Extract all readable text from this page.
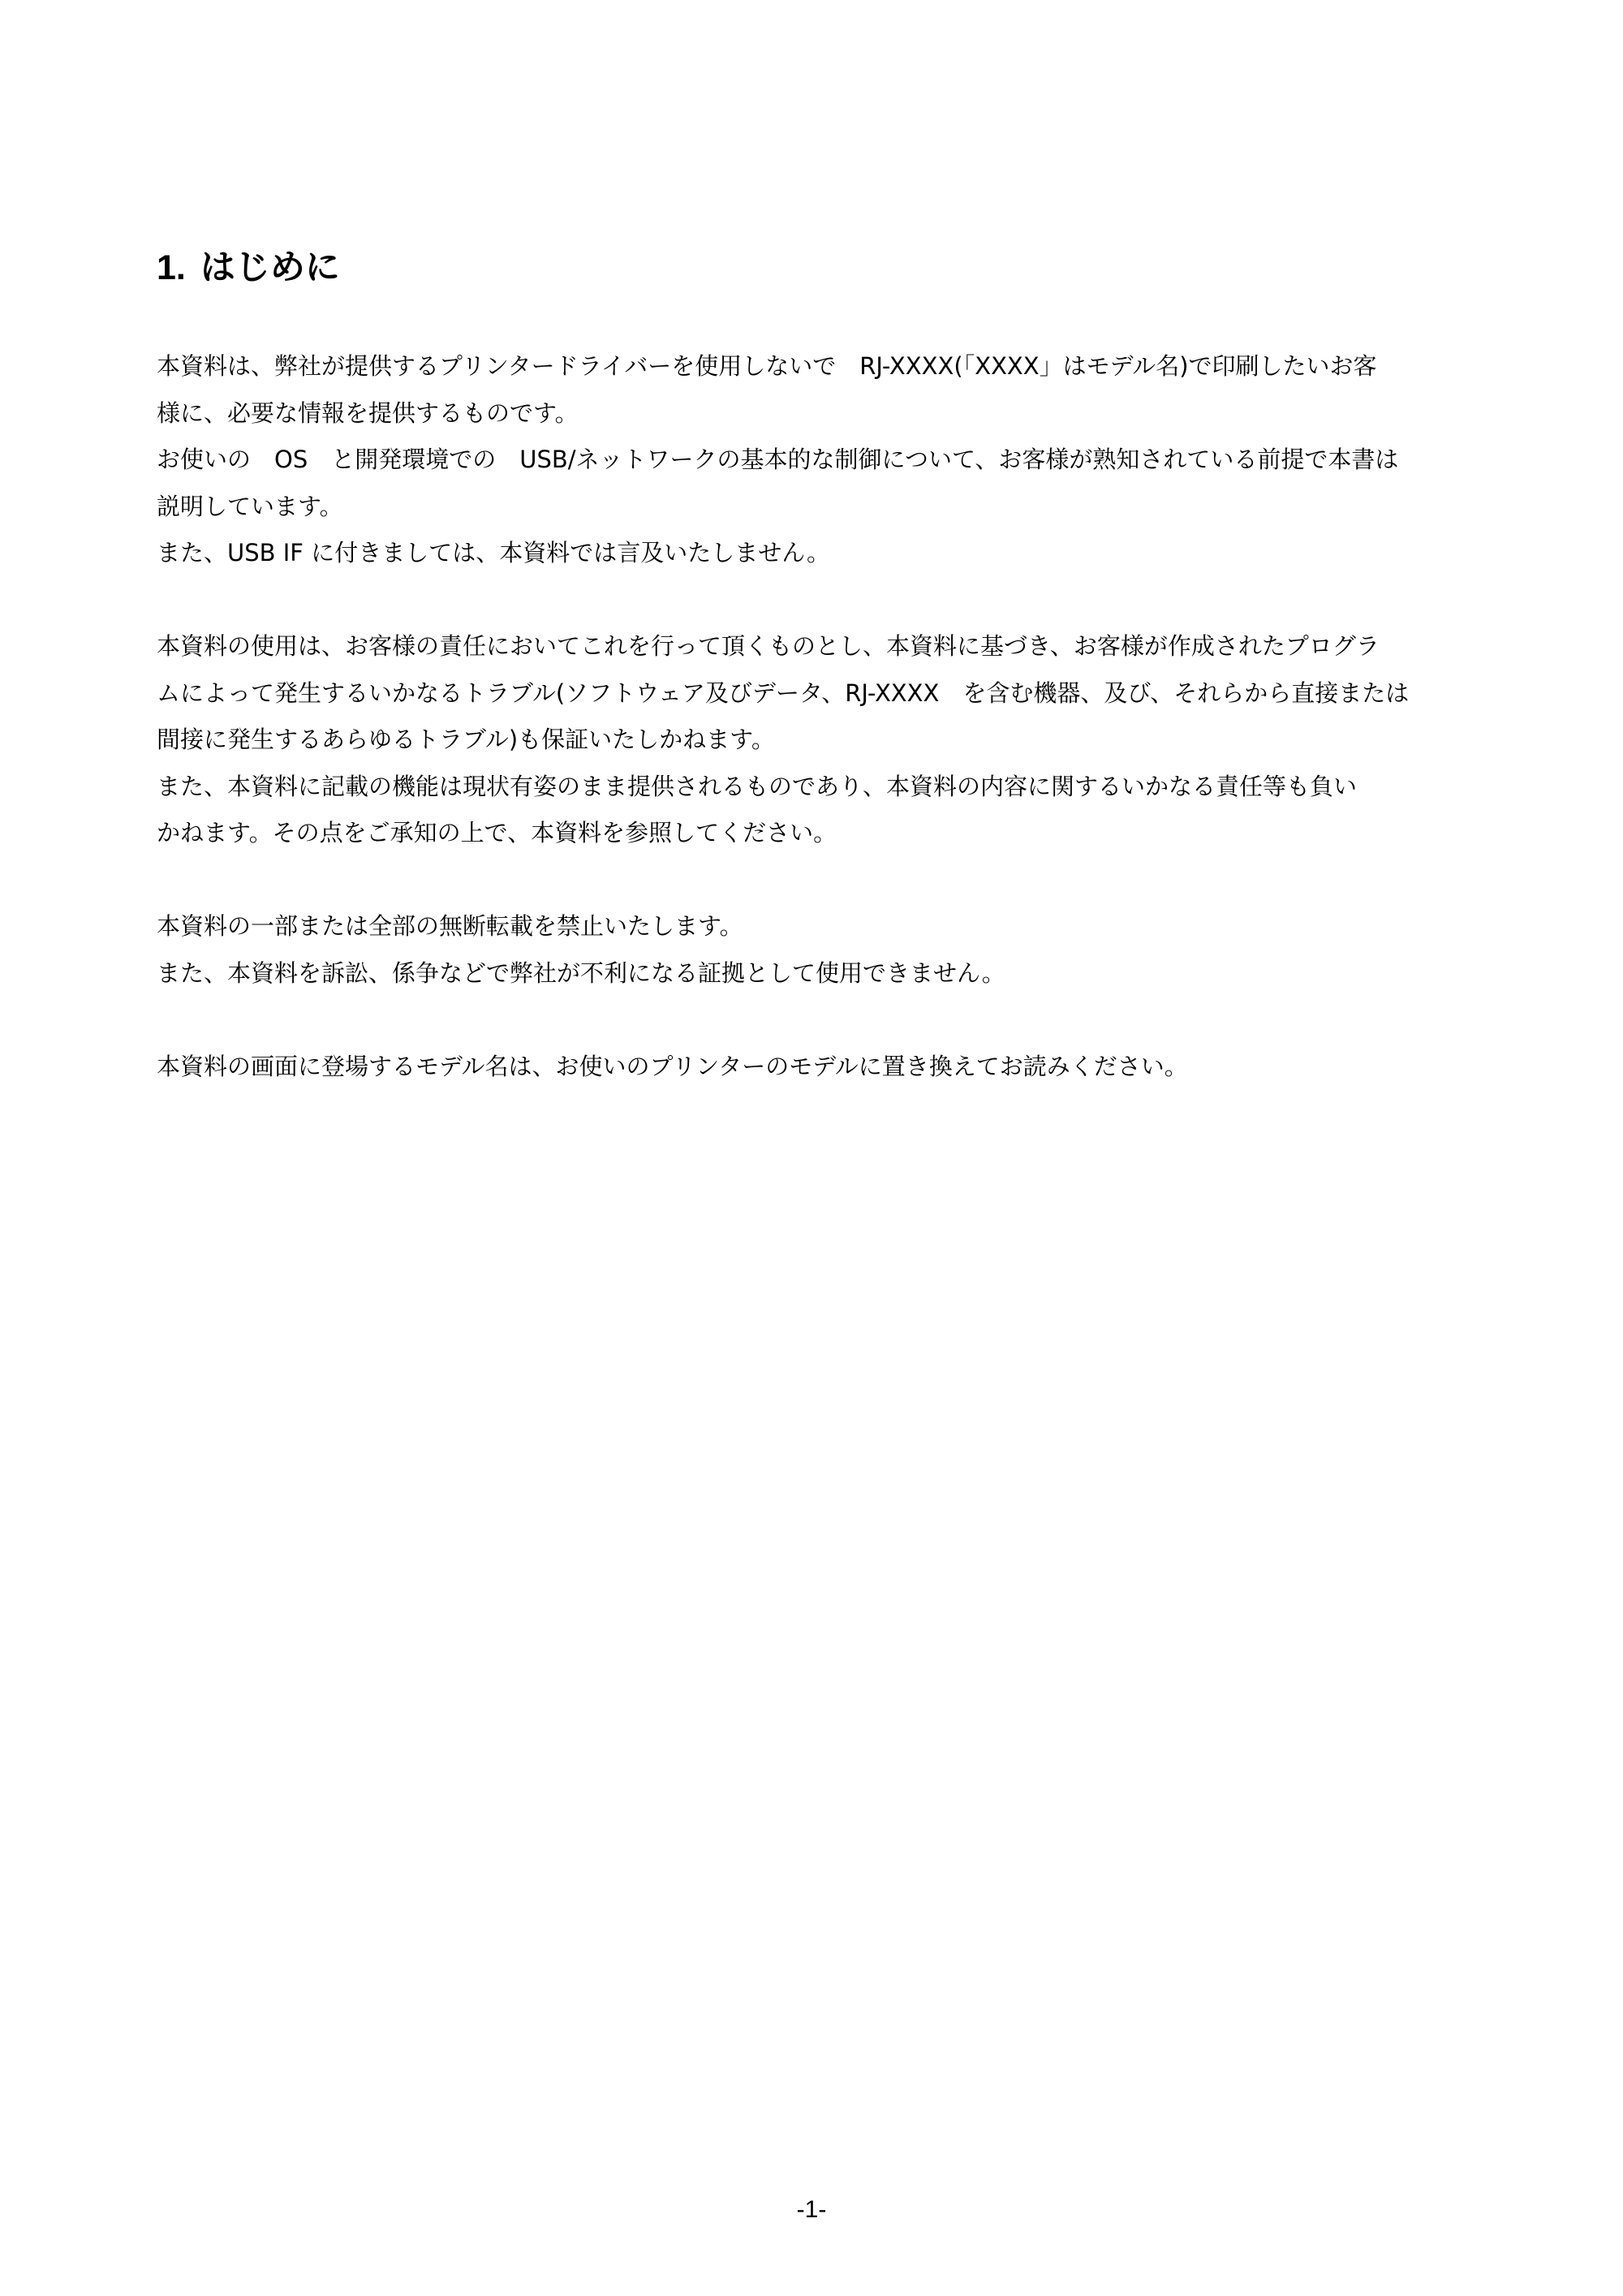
1. はじめに

本資料は、弊社が提供するプリンタードライバーを使用しないで　RJ-XXXX(「XXXX」はモデル名)で印刷したいお客
様に、必要な情報を提供するものです。
お使いの　OS　と開発環境での　USB/ネットワークの基本的な制御について、お客様が熟知されている前提で本書は
説明しています。
また、USB IF に付きましては、本資料では言及いたしません。

本資料の使用は、お客様の責任においてこれを行って頂くものとし、本資料に基づき、お客様が作成されたプログラ
ムによって発生するいかなるトラブル(ソフトウェア及びデータ、RJ-XXXX　を含む機器、及び、それらから直接または
間接に発生するあらゆるトラブル)も保証いたしかねます。
また、本資料に記載の機能は現状有姿のまま提供されるものであり、本資料の内容に関するいかなる責任等も負い
かねます。その点をご承知の上で、本資料を参照してください。

本資料の一部または全部の無断転載を禁止いたします。
また、本資料を訴訟、係争などで弊社が不利になる証拠として使用できません。

本資料の画面に登場するモデル名は、お使いのプリンターのモデルに置き換えてお読みください。

-1-
